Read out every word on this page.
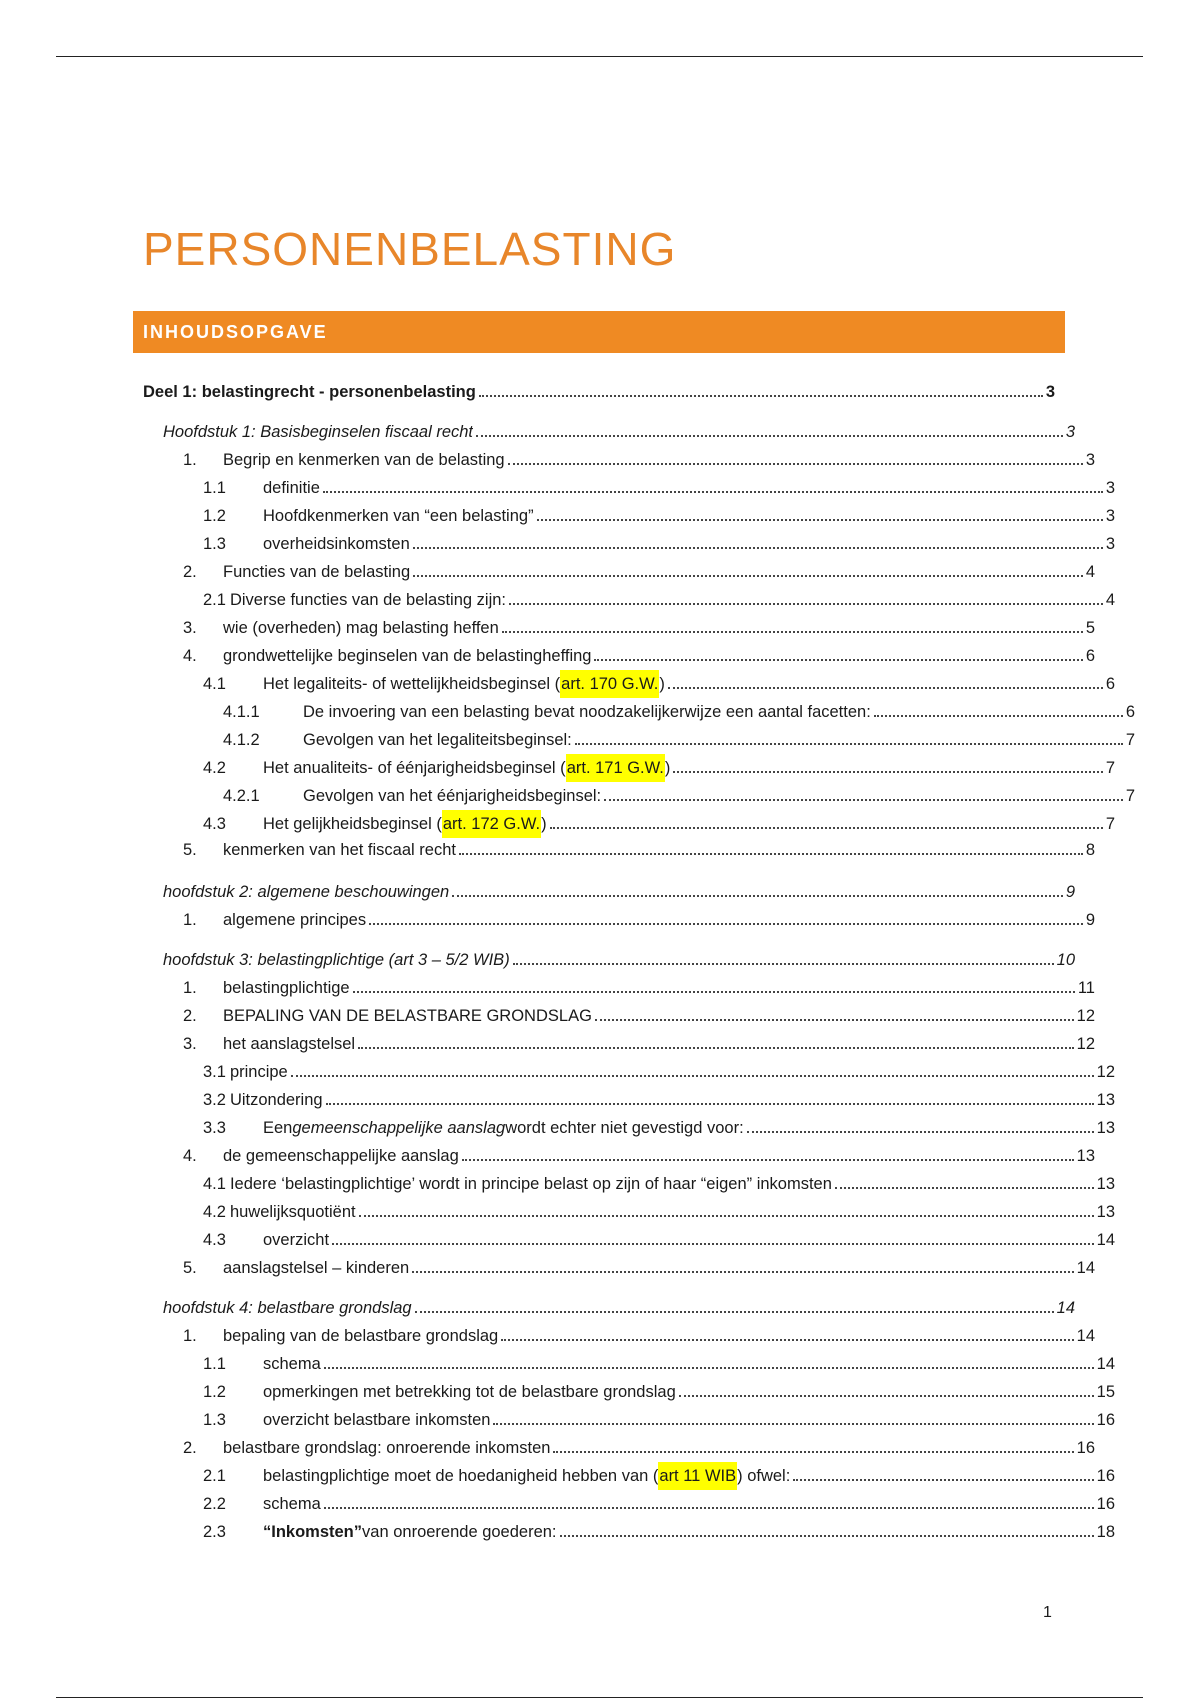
PERSONENBELASTING
INHOUDSOPGAVE
Deel 1: belastingrecht - personenbelasting	3
Hoofdstuk 1: Basisbeginselen fiscaal recht	3
1.	Begrip en kenmerken van de belasting	3
1.1	definitie	3
1.2	Hoofdkenmerken van “een belasting”	3
1.3	overheidsinkomsten	3
2.	Functies van de belasting	4
2.1 Diverse functies van de belasting zijn:	4
3.	wie (overheden) mag belasting heffen	5
4.	grondwettelijke beginselen van de belastingheffing	6
4.1	Het legaliteits- of wettelijkheidsbeginsel ( art. 170 G.W. )	6
4.1.1	De invoering van een belasting bevat noodzakelijkerwijze een aantal facetten:	6
4.1.2	Gevolgen van het legaliteitsbeginsel:	7
4.2	Het anualiteits- of éénjarigheidsbeginsel ( art. 171 G.W. )	7
4.2.1	Gevolgen van het éénjarigheidsbeginsel:	7
4.3	Het gelijkheidsbeginsel ( art. 172 G.W. )	7
5.	kenmerken van het fiscaal recht	8
hoofdstuk 2: algemene beschouwingen	9
1.	algemene principes	9
hoofdstuk 3: belastingplichtige (art 3 – 5/2 WIB)	10
1.	belastingplichtige	11
2.	BEPALING VAN DE BELASTBARE GRONDSLAG	12
3.	het aanslagstelsel	12
3.1 principe	12
3.2 Uitzondering	13
3.3	Een gemeenschappelijke aanslag wordt echter niet gevestigd voor:	13
4.	de gemeenschappelijke aanslag	13
4.1 Iedere ‘belastingplichtige’ wordt in principe belast op zijn of haar “eigen” inkomsten	13
4.2 huwelijksquotiënt	13
4.3	overzicht	14
5.	aanslagstelsel – kinderen	14
hoofdstuk 4: belastbare grondslag	14
1.	bepaling van de belastbare grondslag	14
1.1	schema	14
1.2	opmerkingen met betrekking tot de belastbare grondslag	15
1.3	overzicht belastbare inkomsten	16
2.	belastbare grondslag: onroerende inkomsten	16
2.1	belastingplichtige moet de hoedanigheid hebben van ( art 11 WIB ) ofwel:	16
2.2	schema	16
2.3	“Inkomsten” van onroerende goederen:	18
1
